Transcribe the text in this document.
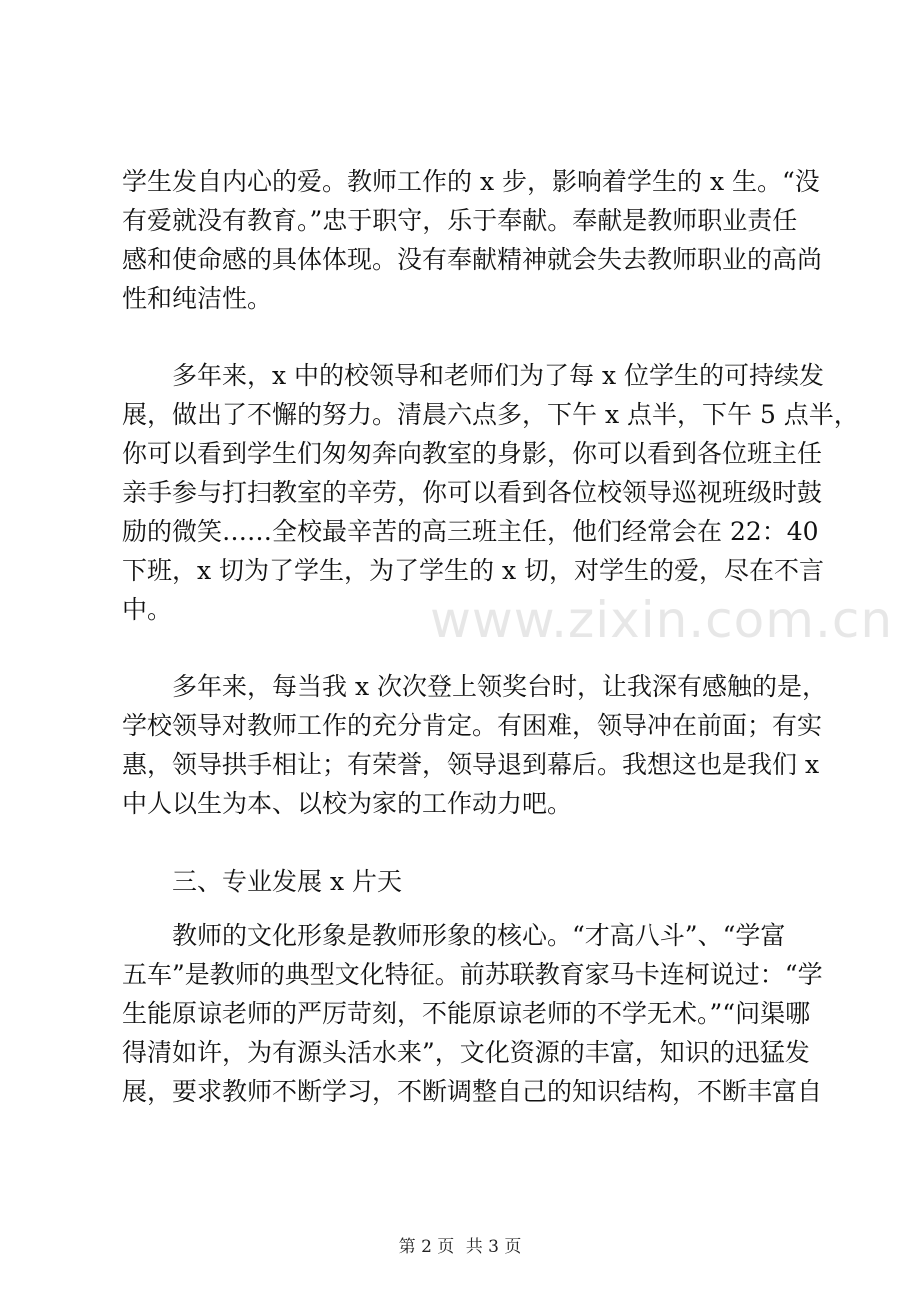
学生发自内心的爱。教师工作的 x 步，影响着学生的 x 生。“没
有爱就没有教育。”忠于职守，乐于奉献。奉献是教师职业责任
感和使命感的具体体现。没有奉献精神就会失去教师职业的高尚
性和纯洁性。
多年来，x 中的校领导和老师们为了每 x 位学生的可持续发
展，做出了不懈的努力。清晨六点多，下午 x 点半，下午 5 点半，
你可以看到学生们匆匆奔向教室的身影，你可以看到各位班主任
亲手参与打扫教室的辛劳，你可以看到各位校领导巡视班级时鼓
励的微笑……全校最辛苦的高三班主任，他们经常会在 22：40
下班，x 切为了学生，为了学生的 x 切，对学生的爱，尽在不言
中。
多年来，每当我 x 次次登上领奖台时，让我深有感触的是，
学校领导对教师工作的充分肯定。有困难，领导冲在前面；有实
惠，领导拱手相让；有荣誉，领导退到幕后。我想这也是我们 x
中人以生为本、以校为家的工作动力吧。
三、专业发展 x 片天
教师的文化形象是教师形象的核心。“才高八斗”、“学富
五车”是教师的典型文化特征。前苏联教育家马卡连柯说过：“学
生能原谅老师的严厉苛刻，不能原谅老师的不学无术。”“问渠哪
得清如许，为有源头活水来”，文化资源的丰富，知识的迅猛发
展，要求教师不断学习，不断调整自己的知识结构，不断丰富自
www.zixin.com.cn
第 2 页 共 3 页
